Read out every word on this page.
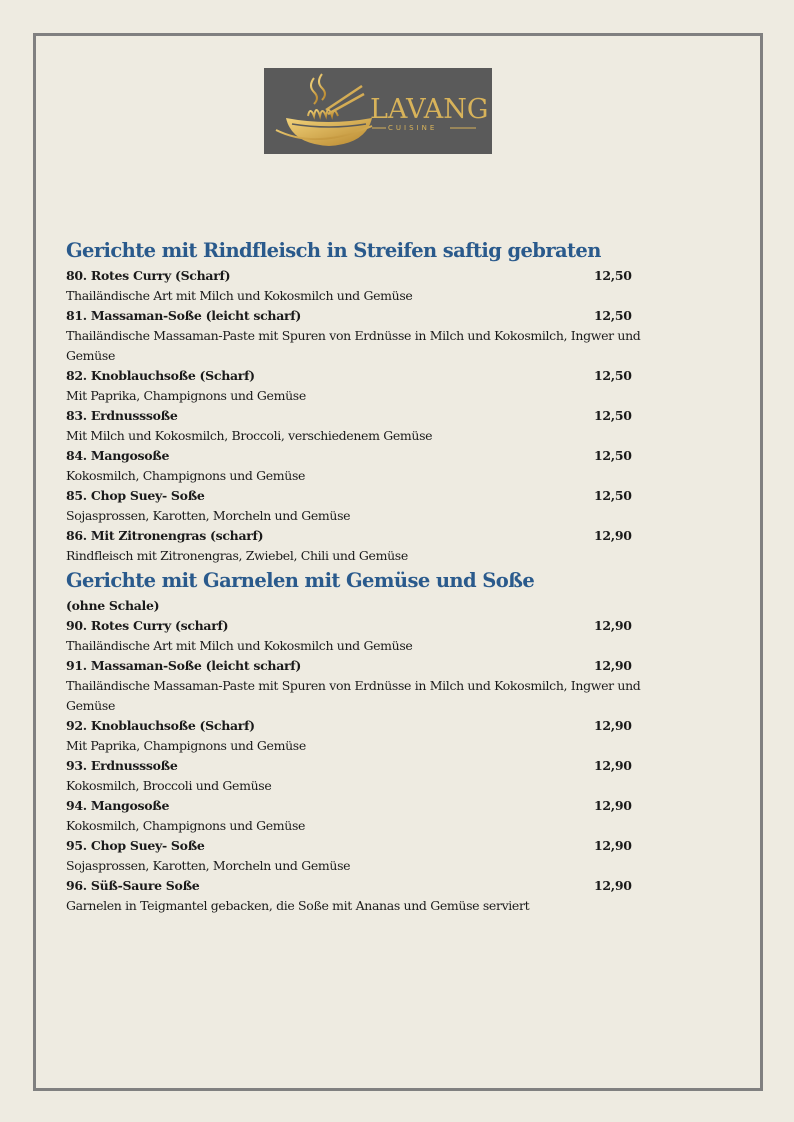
LAVANG
CUISINE
Gerichte mit Rindfleisch in Streifen saftig gebraten
80. Rotes Curry (Scharf)	12,50
Thailändische Art mit Milch und Kokosmilch und Gemüse
81. Massaman-Soße (leicht scharf)	12,50
Thailändische Massaman-Paste mit Spuren von Erdnüsse in Milch und Kokosmilch, Ingwer und Gemüse
82. Knoblauchsoße (Scharf)	12,50
Mit Paprika, Champignons und Gemüse
83. Erdnusssoße	12,50
Mit Milch und Kokosmilch, Broccoli, verschiedenem Gemüse
84. Mangosoße	12,50
Kokosmilch, Champignons und Gemüse
85. Chop Suey- Soße	12,50
Sojasprossen, Karotten, Morcheln und Gemüse
86. Mit Zitronengras (scharf)	12,90
Rindfleisch mit Zitronengras, Zwiebel, Chili und Gemüse
Gerichte mit Garnelen mit Gemüse und Soße
(ohne Schale)
90. Rotes Curry (scharf)	12,90
Thailändische Art mit Milch und Kokosmilch und Gemüse
91. Massaman-Soße (leicht scharf)	12,90
Thailändische Massaman-Paste mit Spuren von Erdnüsse in Milch und Kokosmilch, Ingwer und Gemüse
92. Knoblauchsoße (Scharf)	12,90
Mit Paprika, Champignons und Gemüse
93. Erdnusssoße	12,90
Kokosmilch, Broccoli und Gemüse
94. Mangosoße	12,90
Kokosmilch, Champignons und Gemüse
95. Chop Suey- Soße	12,90
Sojasprossen, Karotten, Morcheln und Gemüse
96. Süß-Saure Soße	12,90
Garnelen in Teigmantel gebacken, die Soße mit Ananas und Gemüse serviert
